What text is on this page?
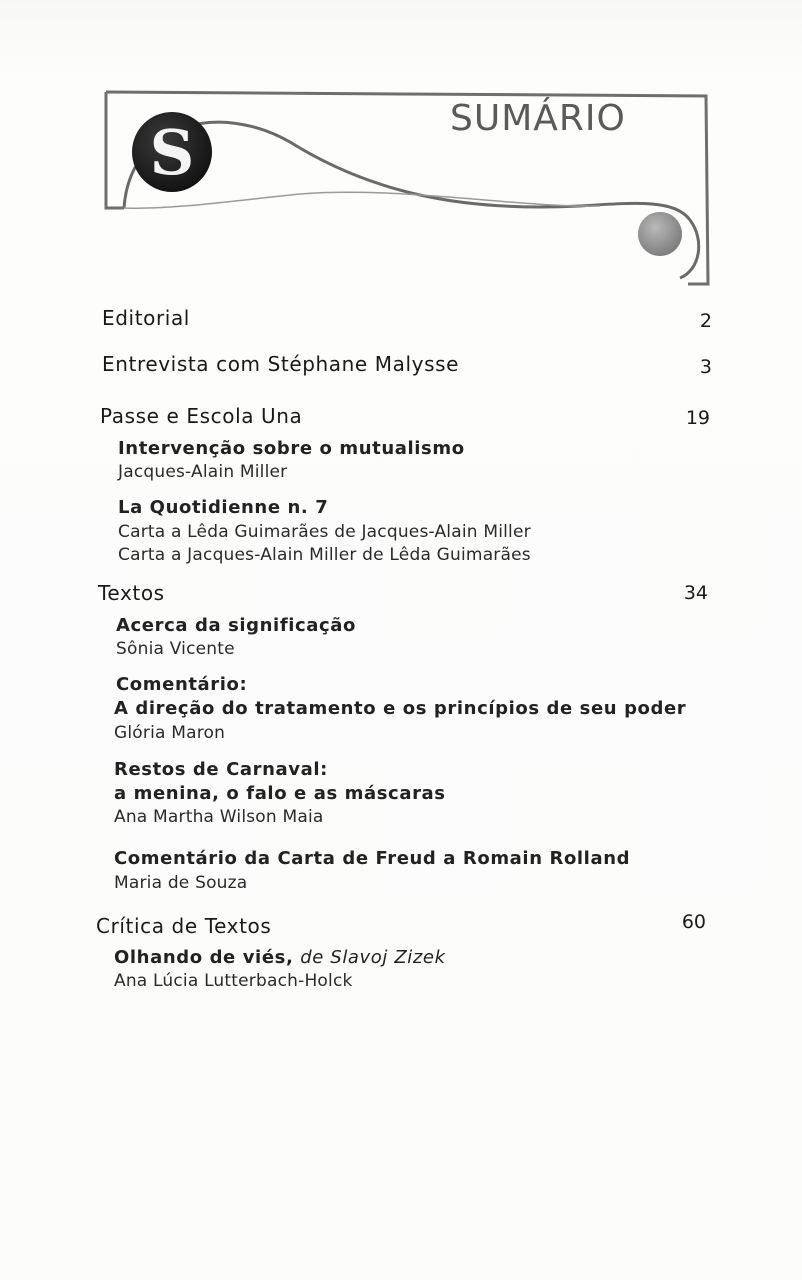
S	SUMÁRIO
Editorial	2
Entrevista com Stéphane Malysse	3
Passe e Escola Una	19
Intervenção sobre o mutualismo
Jacques-Alain Miller
La Quotidienne n. 7
Carta a Lêda Guimarães de Jacques-Alain Miller
Carta a Jacques-Alain Miller de Lêda Guimarães
Textos	34
Acerca da significação
Sônia Vicente
Comentário:
A direção do tratamento e os princípios de seu poder
Glória Maron
Restos de Carnaval:
a menina, o falo e as máscaras
Ana Martha Wilson Maia
Comentário da Carta de Freud a Romain Rolland
Maria de Souza
Crítica de Textos	60
Olhando de viés, de Slavoj Zizek
Ana Lúcia Lutterbach-Holck
